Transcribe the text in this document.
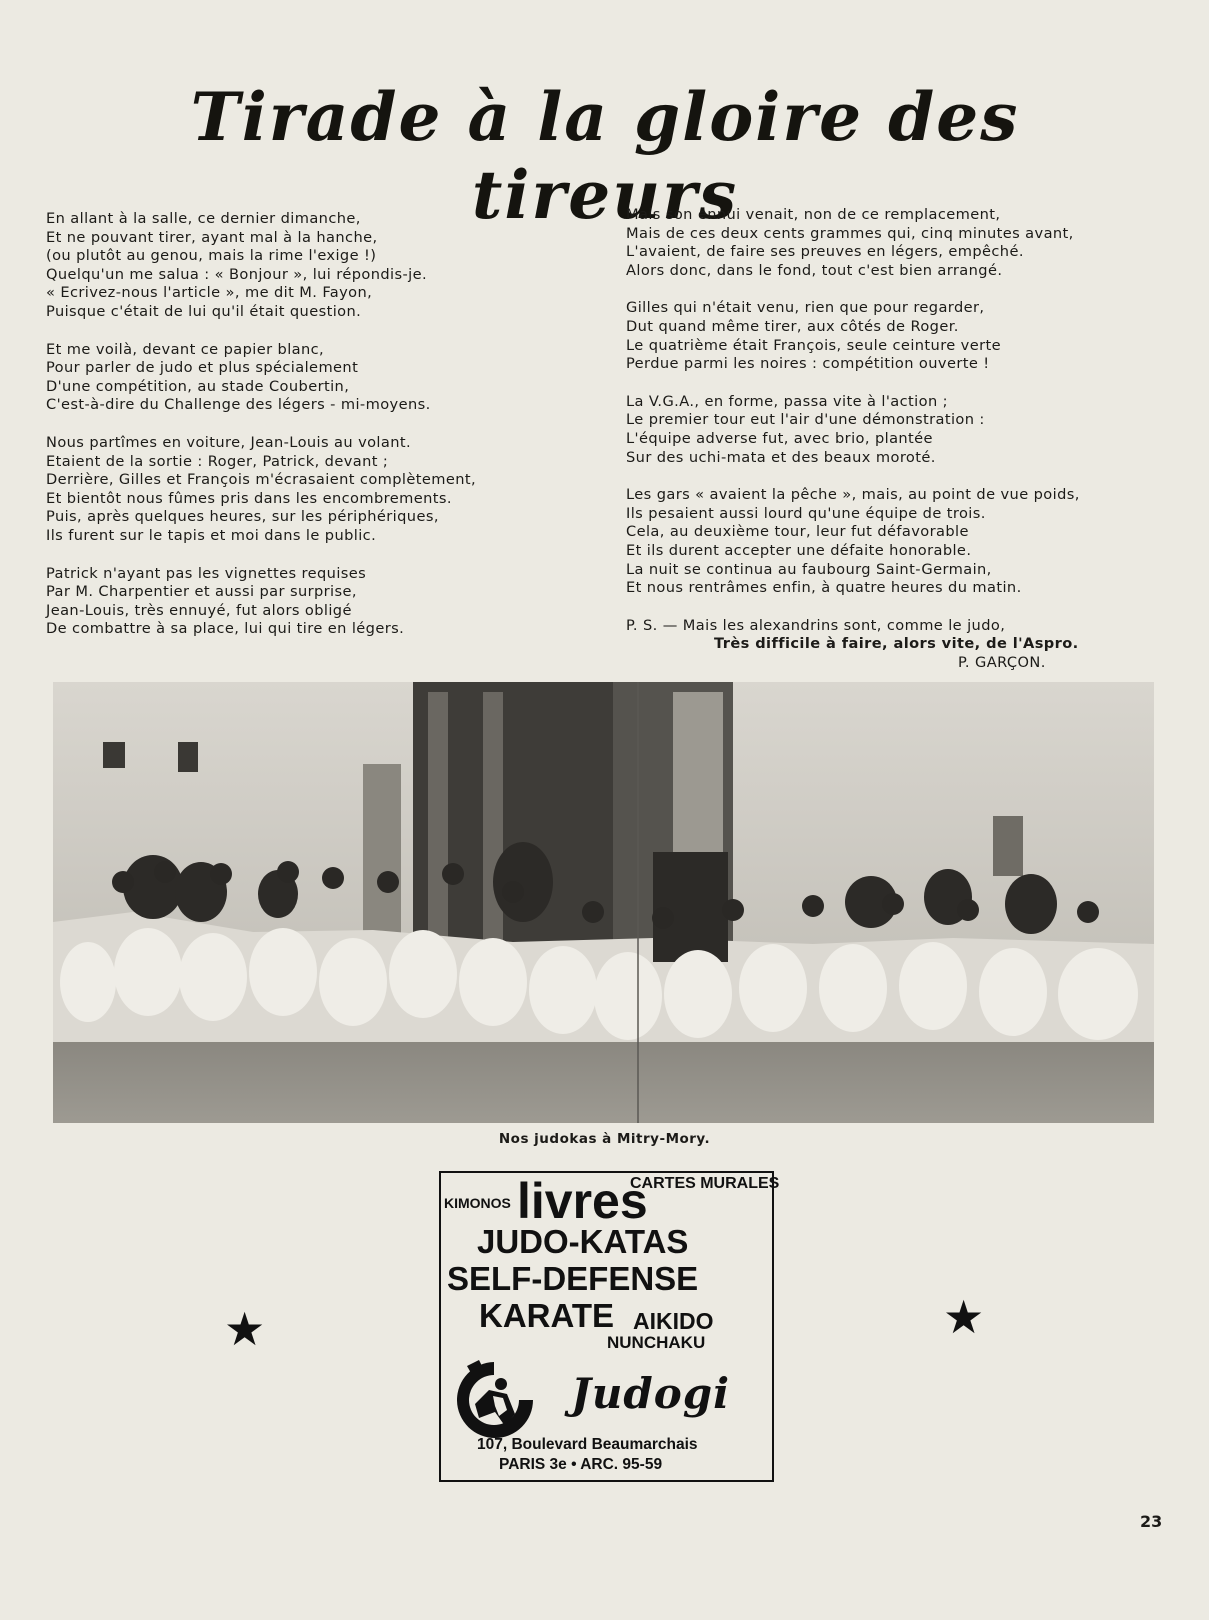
Tirade à la gloire des tireurs

En allant à la salle, ce dernier dimanche,

Et ne pouvant tirer, ayant mal à la hanche,

(ou plutôt au genou, mais la rime l'exige !)

Quelqu'un me salua : « Bonjour », lui répondis-je.

« Ecrivez-nous l'article », me dit M. Fayon,

Puisque c'était de lui qu'il était question.

Et me voilà, devant ce papier blanc,

Pour parler de judo et plus spécialement

D'une compétition, au stade Coubertin,

C'est-à-dire du Challenge des légers - mi-moyens.

Nous partîmes en voiture, Jean-Louis au volant.

Etaient de la sortie : Roger, Patrick, devant ;

Derrière, Gilles et François m'écrasaient complètement,

Et bientôt nous fûmes pris dans les encombrements.

Puis, après quelques heures, sur les périphériques,

Ils furent sur le tapis et moi dans le public.

Patrick n'ayant pas les vignettes requises

Par M. Charpentier et aussi par surprise,

Jean-Louis, très ennuyé, fut alors obligé

De combattre à sa place, lui qui tire en légers.

Mais son ennui venait, non de ce remplacement,

Mais de ces deux cents grammes qui, cinq minutes avant,

L'avaient, de faire ses preuves en légers, empêché.

Alors donc, dans le fond, tout c'est bien arrangé.

Gilles qui n'était venu, rien que pour regarder,

Dut quand même tirer, aux côtés de Roger.

Le quatrième était François, seule ceinture verte

Perdue parmi les noires : compétition ouverte !

La V.G.A., en forme, passa vite à l'action ;

Le premier tour eut l'air d'une démonstration :

L'équipe adverse fut, avec brio, plantée

Sur des uchi-mata et des beaux moroté.

Les gars « avaient la pêche », mais, au point de vue poids,

Ils pesaient aussi lourd qu'une équipe de trois.

Cela, au deuxième tour, leur fut défavorable

Et ils durent accepter une défaite honorable.

La nuit se continua au faubourg Saint-Germain,

Et nous rentrâmes enfin, à quatre heures du matin.

P. S. — Mais les alexandrins sont, comme le judo,

Très difficile à faire, alors vite, de l'Aspro.

P. GARÇON.

Nos judokas à Mitry-Mory.
★	★
CARTES MURALES
KIMONOS livres
JUDO-KATAS
SELF-DEFENSE
KARATE AIKIDO
NUNCHAKU
Judogi
107, Boulevard Beaumarchais
PARIS 3e • ARC. 95-59
23
